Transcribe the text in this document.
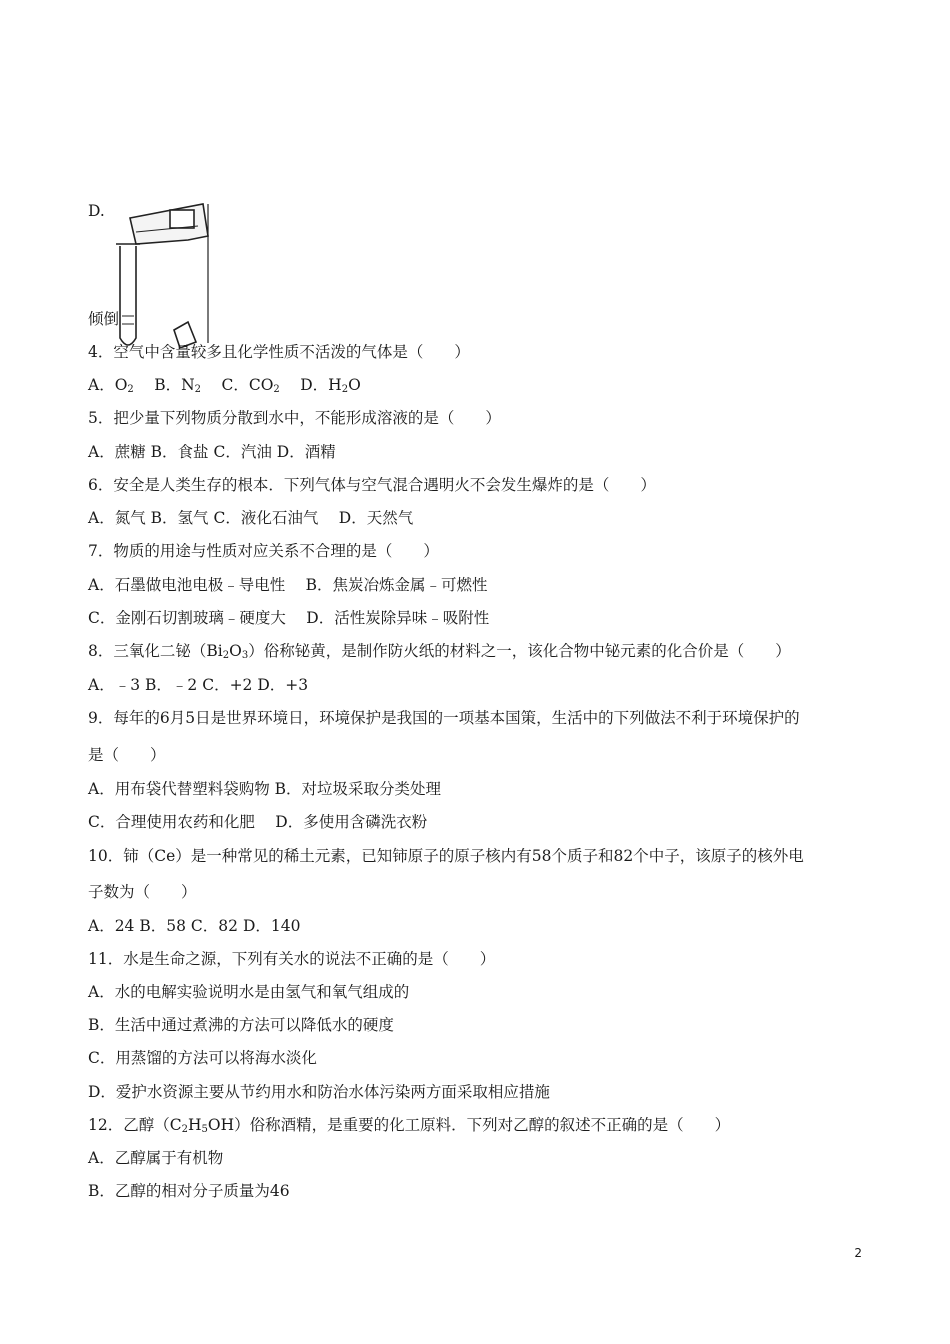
D.
倾倒
4．空气中含量较多且化学性质不活泼的气体是（　　）
A．$O_2$　 B．$N_2$　 C．$CO_2$　 D．$H_2O$
5．把少量下列物质分散到水中，不能形成溶液的是（　　）
A．蔗糖 B．食盐 C．汽油 D．酒精
6．安全是人类生存的根本．下列气体与空气混合遇明火不会发生爆炸的是（　　）
A．氮气 B．氢气 C．液化石油气　 D．天然气
7．物质的用途与性质对应关系不合理的是（　　）
A．石墨做电池电极﹣导电性　 B．焦炭冶炼金属﹣可燃性
C．金刚石切割玻璃﹣硬度大　 D．活性炭除异味﹣吸附性
8．三氧化二铋$(Bi_2O_3)$俗称铋黄，是制作防火纸的材料之一，该化合物中铋元素的化合价是（　　）
A．﹣3 B．﹣2 C．+2 D．+3
9．每年的6月5日是世界环境日，环境保护是我国的一项基本国策，生活中的下列做法不利于环境保护的
是（　　）
A．用布袋代替塑料袋购物 B．对垃圾采取分类处理
C．合理使用农药和化肥　 D．多使用含磷洗衣粉
10．铈（Ce）是一种常见的稀土元素，已知铈原子的原子核内有58个质子和82个中子，该原子的核外电
子数为（　　）
A．24 B．58 C．82 D．140
11．水是生命之源，下列有关水的说法不正确的是（　　）
A．水的电解实验说明水是由氢气和氧气组成的
B．生活中通过煮沸的方法可以降低水的硬度
C．用蒸馏的方法可以将海水淡化
D．爱护水资源主要从节约用水和防治水体污染两方面采取相应措施
12．乙醇$(C_2H_5OH)$俗称酒精，是重要的化工原料．下列对乙醇的叙述不正确的是（　　）
A．乙醇属于有机物
B．乙醇的相对分子质量为46
2
